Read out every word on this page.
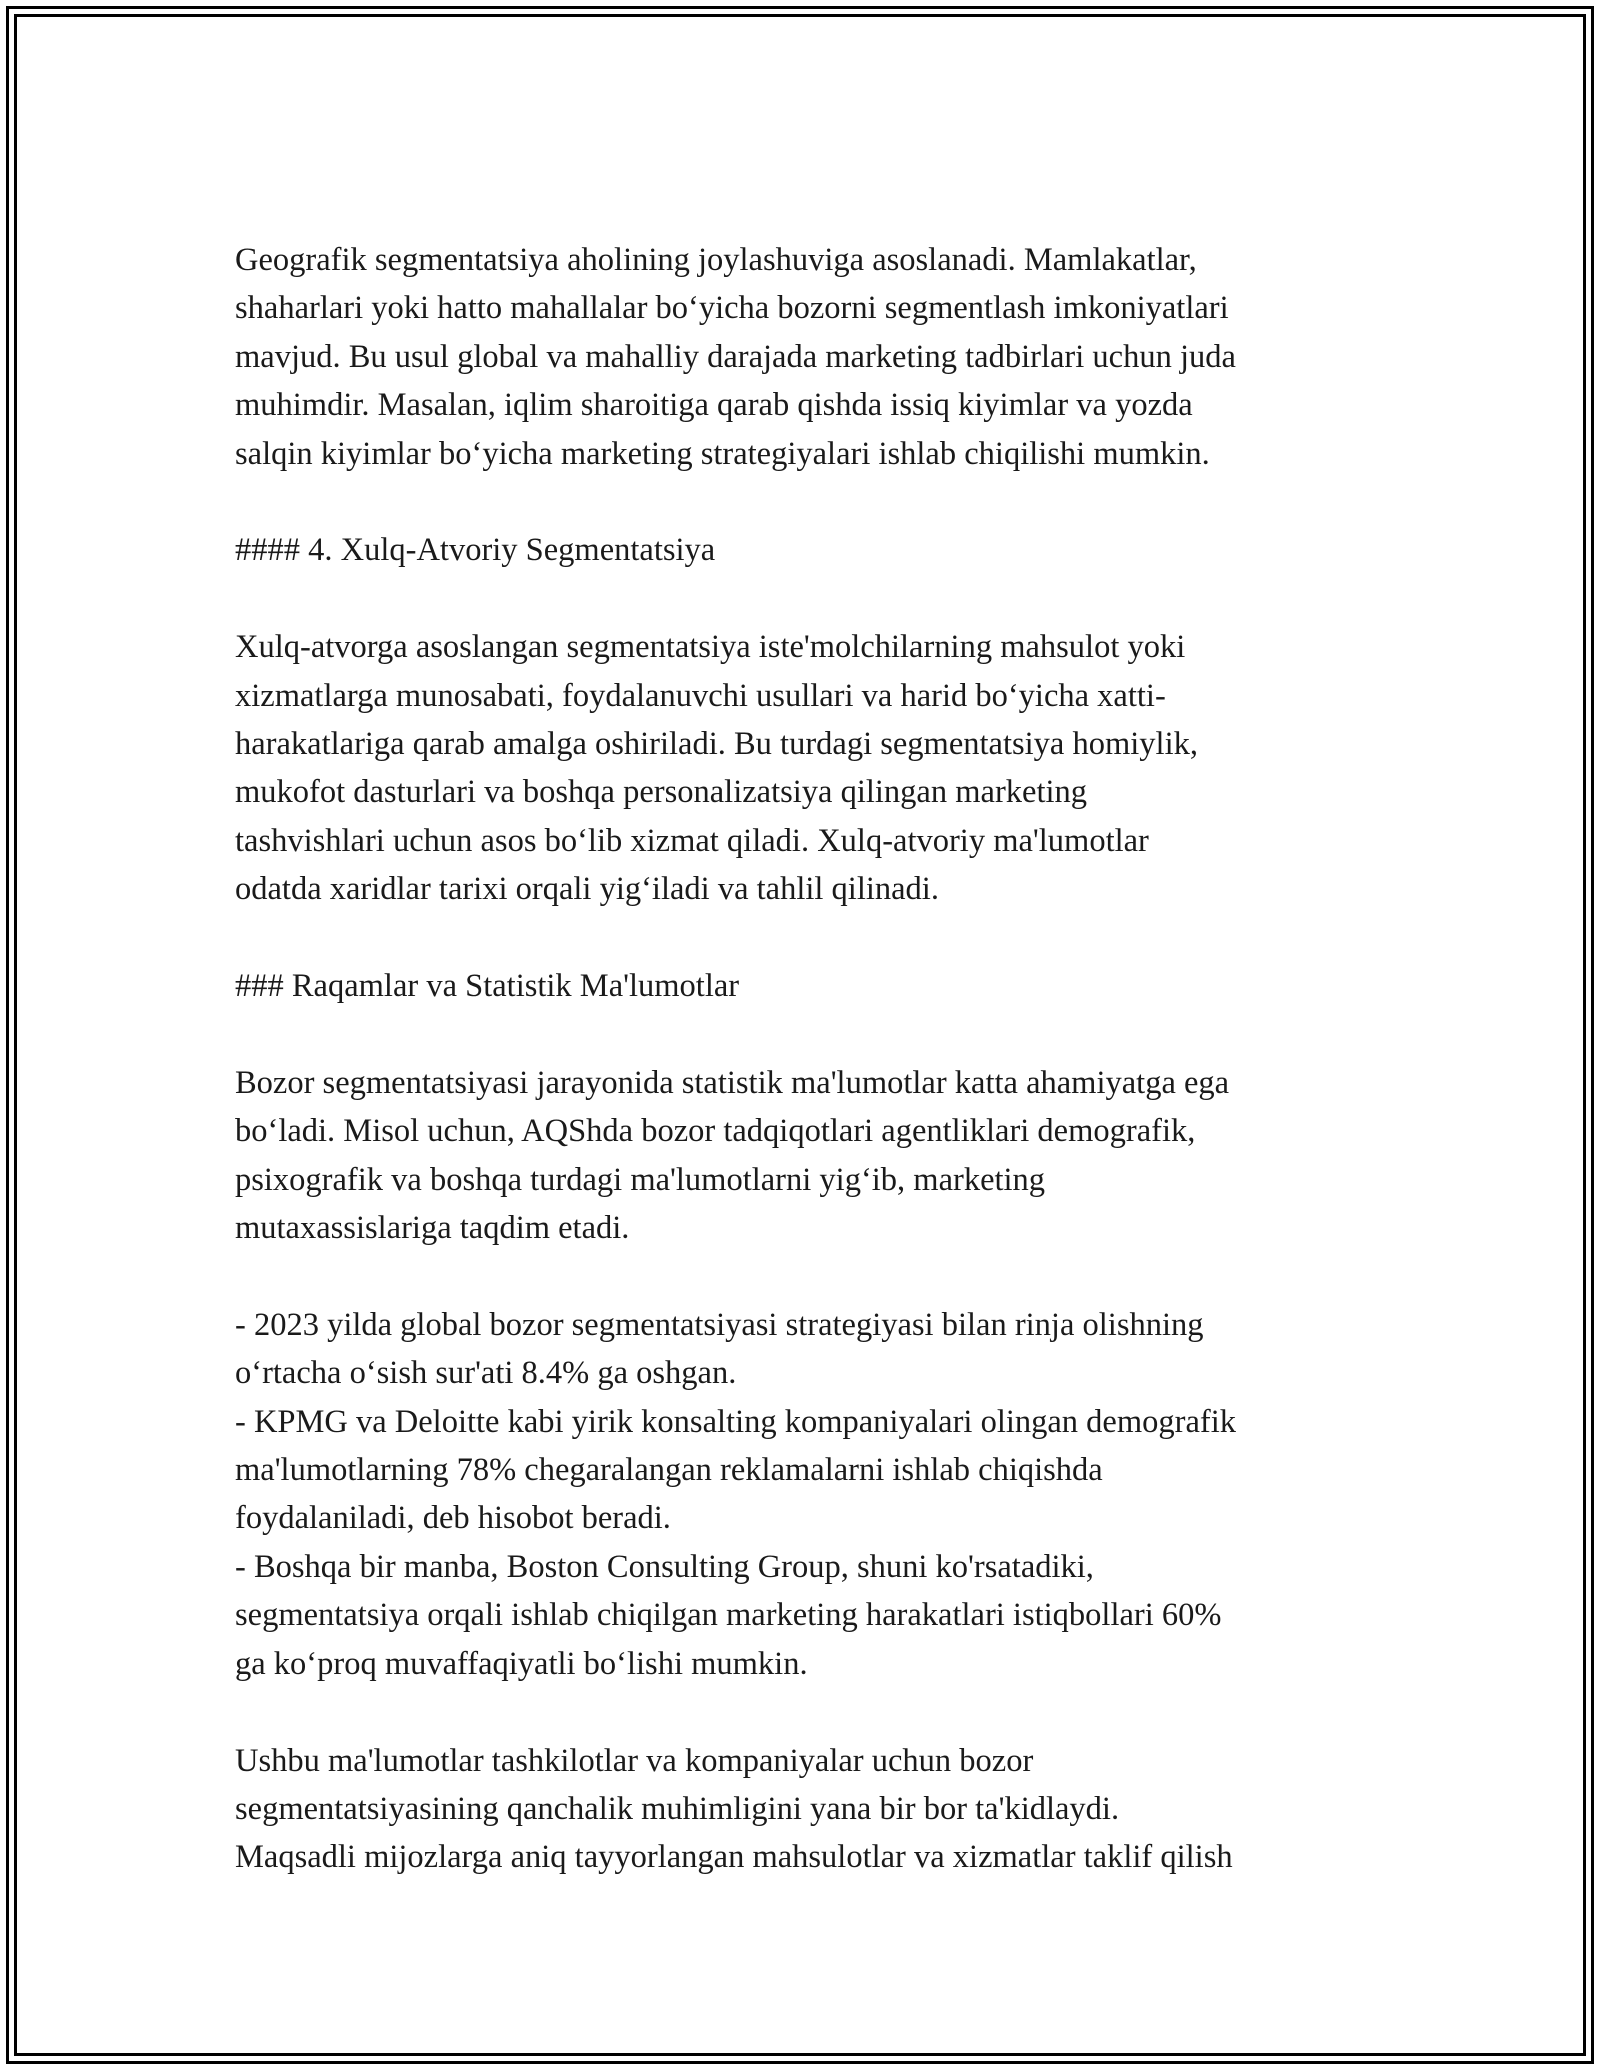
Geografik segmentatsiya aholining joylashuviga asoslanadi. Mamlakatlar,
shaharlari yoki hatto mahallalar bo‘yicha bozorni segmentlash imkoniyatlari
mavjud. Bu usul global va mahalliy darajada marketing tadbirlari uchun juda
muhimdir. Masalan, iqlim sharoitiga qarab qishda issiq kiyimlar va yozda
salqin kiyimlar bo‘yicha marketing strategiyalari ishlab chiqilishi mumkin.

#### 4. Xulq-Atvoriy Segmentatsiya

Xulq-atvorga asoslangan segmentatsiya iste'molchilarning mahsulot yoki
xizmatlarga munosabati, foydalanuvchi usullari va harid bo‘yicha xatti-
harakatlariga qarab amalga oshiriladi. Bu turdagi segmentatsiya homiylik,
mukofot dasturlari va boshqa personalizatsiya qilingan marketing
tashvishlari uchun asos bo‘lib xizmat qiladi. Xulq-atvoriy ma'lumotlar
odatda xaridlar tarixi orqali yig‘iladi va tahlil qilinadi.

### Raqamlar va Statistik Ma'lumotlar

Bozor segmentatsiyasi jarayonida statistik ma'lumotlar katta ahamiyatga ega
bo‘ladi. Misol uchun, AQShda bozor tadqiqotlari agentliklari demografik,
psixografik va boshqa turdagi ma'lumotlarni yig‘ib, marketing
mutaxassislariga taqdim etadi.

- 2023 yilda global bozor segmentatsiyasi strategiyasi bilan rinja olishning
o‘rtacha o‘sish sur'ati 8.4% ga oshgan.
- KPMG va Deloitte kabi yirik konsalting kompaniyalari olingan demografik
ma'lumotlarning 78% chegaralangan reklamalarni ishlab chiqishda
foydalaniladi, deb hisobot beradi.
- Boshqa bir manba, Boston Consulting Group, shuni ko'rsatadiki,
segmentatsiya orqali ishlab chiqilgan marketing harakatlari istiqbollari 60%
ga ko‘proq muvaffaqiyatli bo‘lishi mumkin.

Ushbu ma'lumotlar tashkilotlar va kompaniyalar uchun bozor
segmentatsiyasining qanchalik muhimligini yana bir bor ta'kidlaydi.
Maqsadli mijozlarga aniq tayyorlangan mahsulotlar va xizmatlar taklif qilish
